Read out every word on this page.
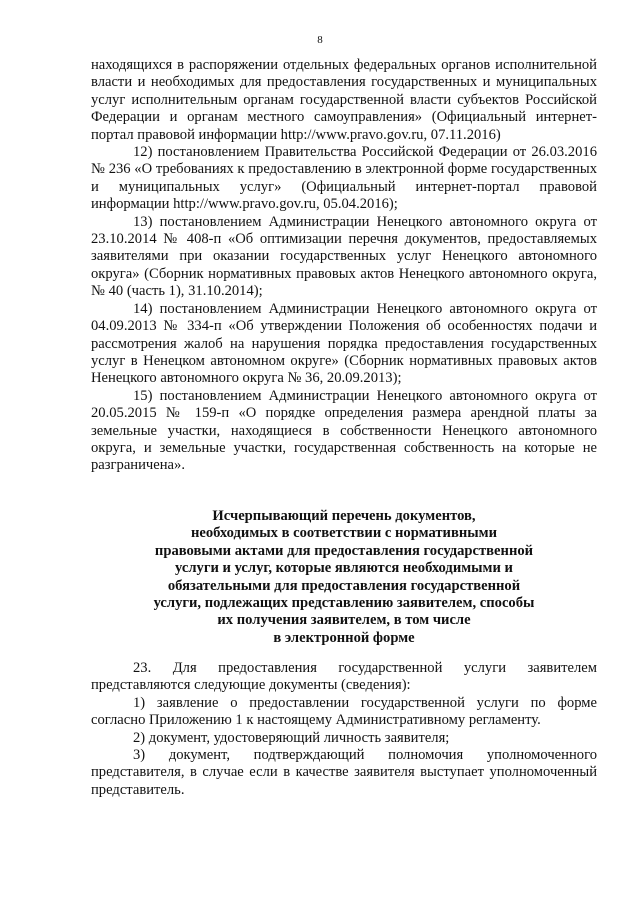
8

находящихся в распоряжении отдельных федеральных органов исполнительной власти и необходимых для предоставления государственных и муниципальных услуг исполнительным органам государственной власти субъектов Российской Федерации и органам местного самоуправления» (Официальный интернет-портал правовой информации http://www.pravo.gov.ru, 07.11.2016)

12) постановлением Правительства Российской Федерации от 26.03.2016 № 236 «О требованиях к предоставлению в электронной форме государственных и муниципальных услуг» (Официальный интернет-портал правовой информации http://www.pravo.gov.ru, 05.04.2016);

13) постановлением Администрации Ненецкого автономного округа от 23.10.2014 № 408-п «Об оптимизации перечня документов, предоставляемых заявителями при оказании государственных услуг Ненецкого автономного округа» (Сборник нормативных правовых актов Ненецкого автономного округа, № 40 (часть 1), 31.10.2014);

14) постановлением Администрации Ненецкого автономного округа от 04.09.2013 № 334-п «Об утверждении Положения об особенностях подачи и рассмотрения жалоб на нарушения порядка предоставления государственных услуг в Ненецком автономном округе» (Сборник нормативных правовых актов Ненецкого автономного округа № 36, 20.09.2013);

15) постановлением Администрации Ненецкого автономного округа от 20.05.2015 № 159-п «О порядке определения размера арендной платы за земельные участки, находящиеся в собственности Ненецкого автономного округа, и земельные участки, государственная собственность на которые не разграничена».

Исчерпывающий перечень документов,
необходимых в соответствии с нормативными
правовыми актами для предоставления государственной
услуги и услуг, которые являются необходимыми и
обязательными для предоставления государственной
услуги, подлежащих представлению заявителем, способы
их получения заявителем, в том числе
в электронной форме

23. Для предоставления государственной услуги заявителем представляются следующие документы (сведения):

1) заявление о предоставлении государственной услуги по форме согласно Приложению 1 к настоящему Административному регламенту.

2) документ, удостоверяющий личность заявителя;

3) документ, подтверждающий полномочия уполномоченного представителя, в случае если в качестве заявителя выступает уполномоченный представитель.
